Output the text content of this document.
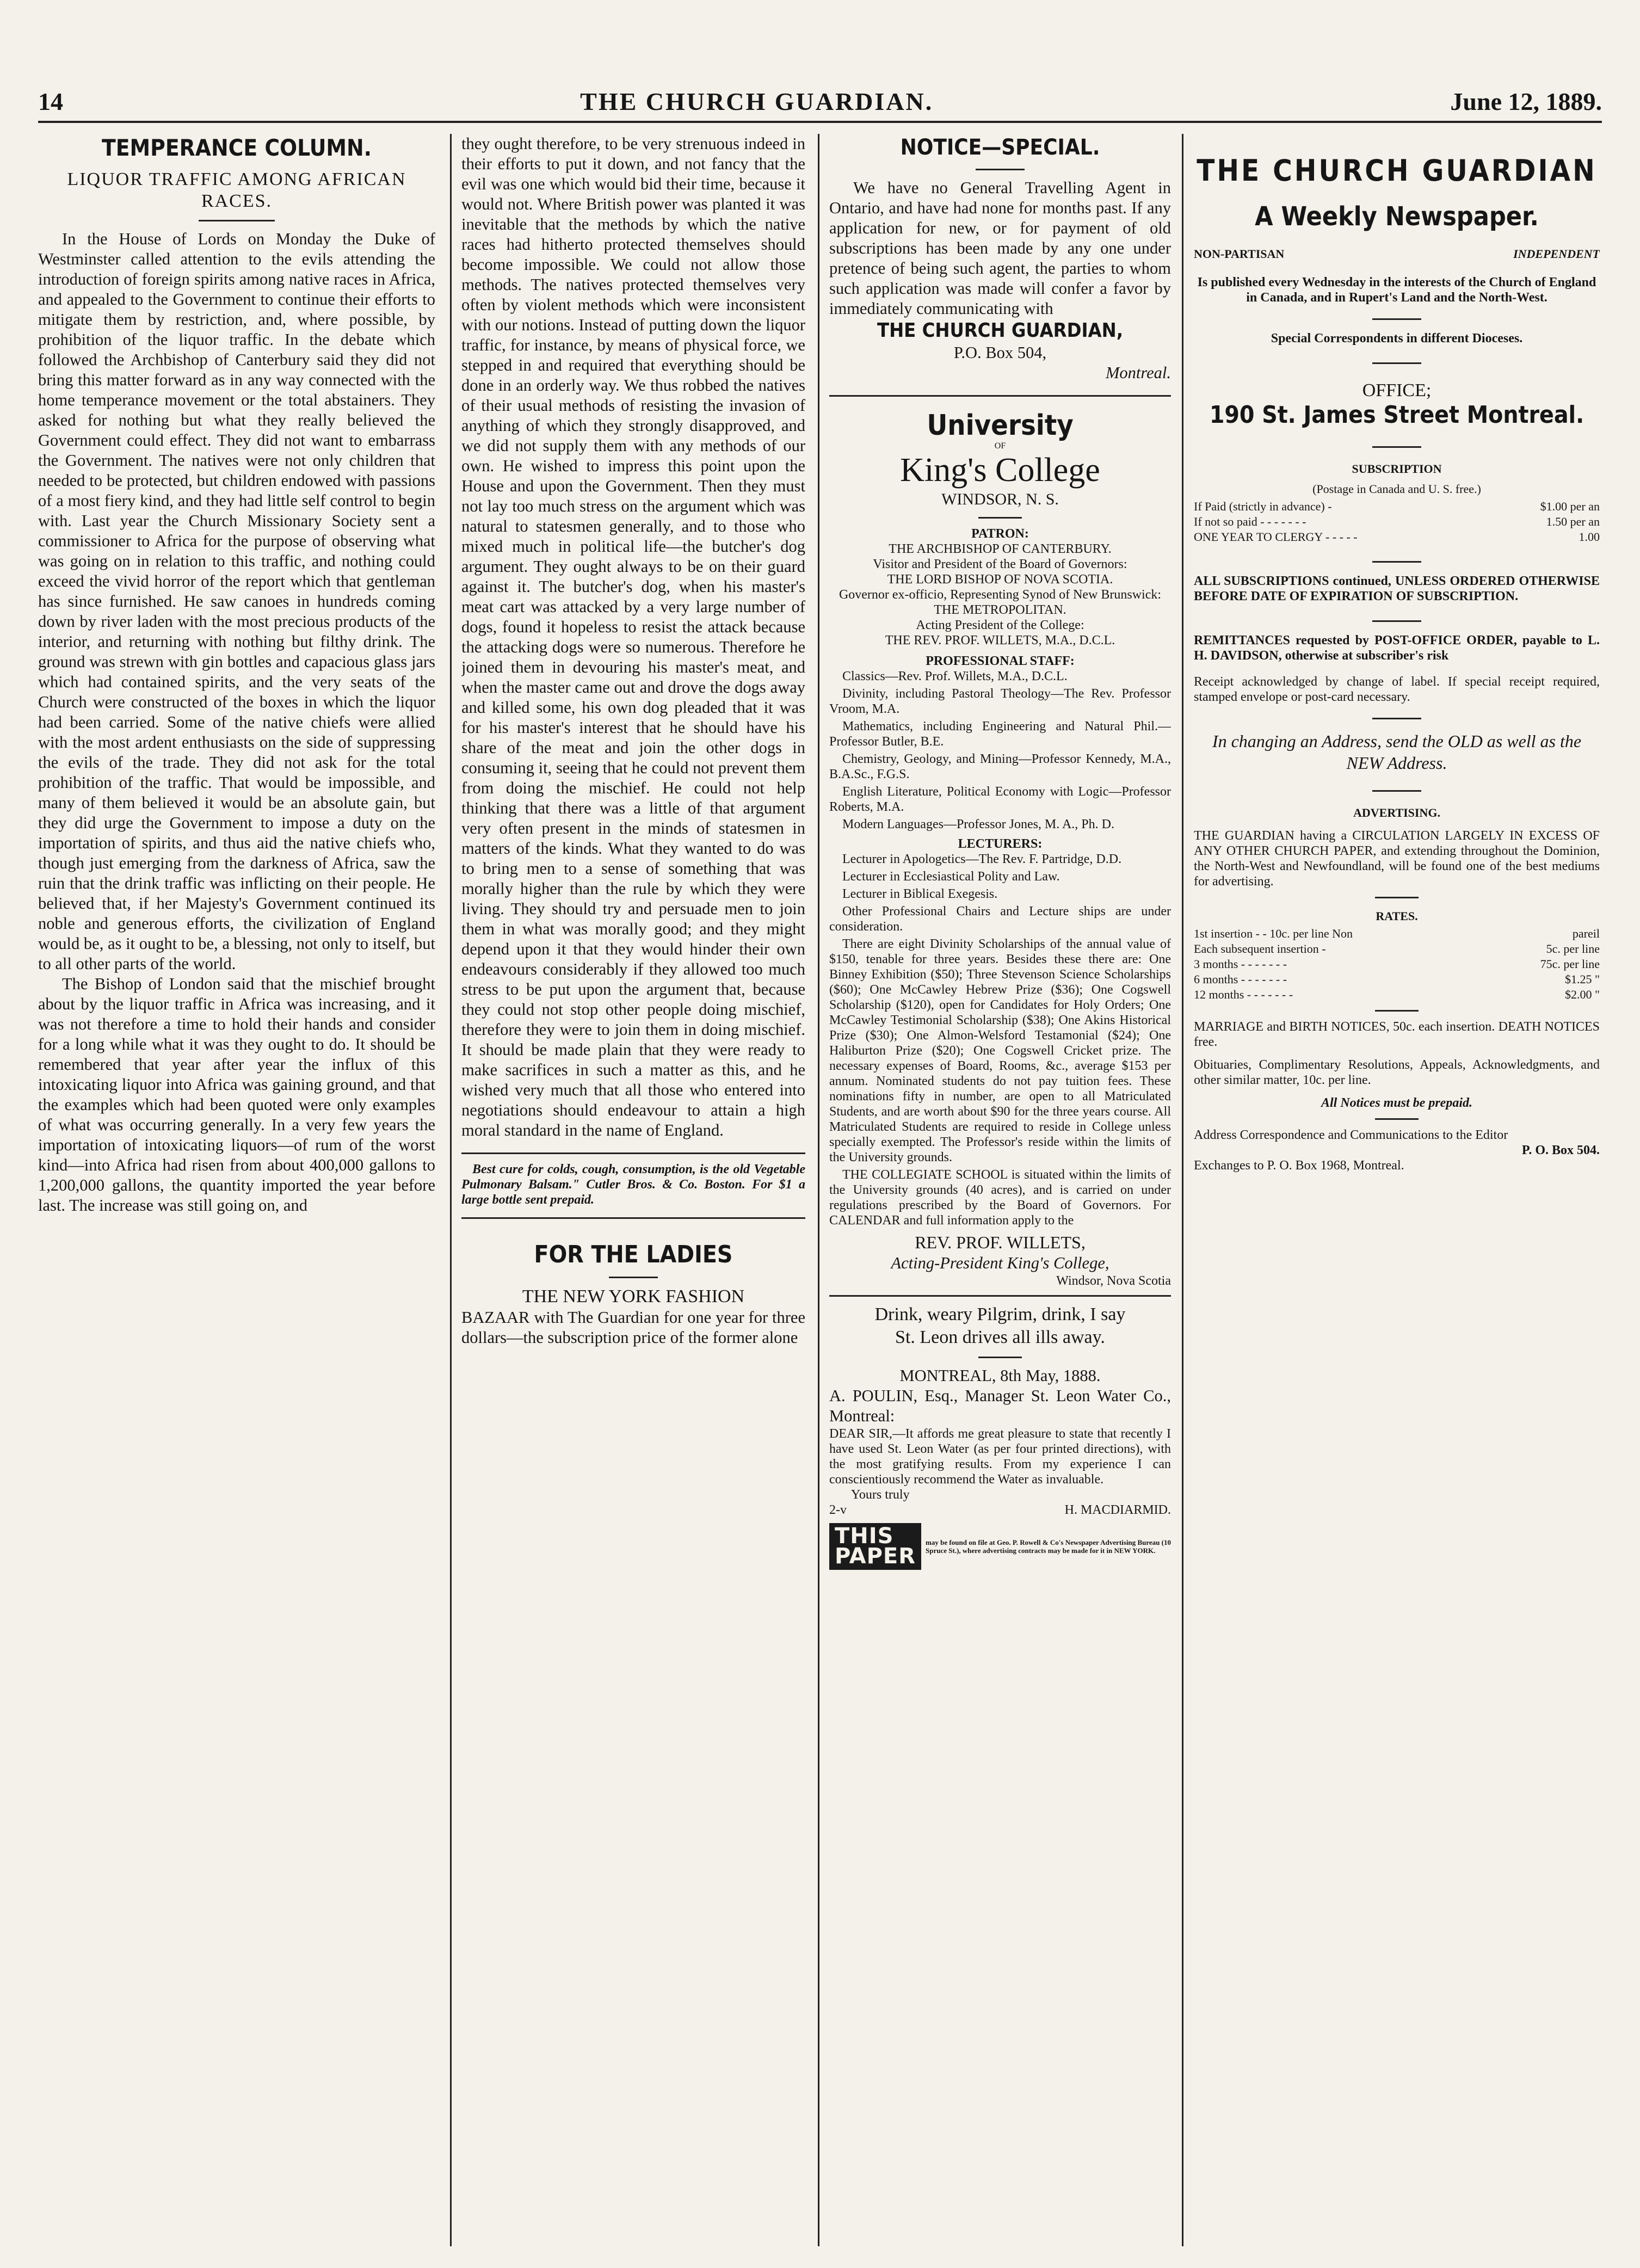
14	THE CHURCH GUARDIAN.	June 12, 1889.
TEMPERANCE COLUMN.
LIQUOR TRAFFIC AMONG AFRICAN RACES.

In the House of Lords on Monday the Duke of Westminster called attention to the evils attending the introduction of foreign spirits among native races in Africa, and appealed to the Government to continue their efforts to mitigate them by restriction, and, where possible, by prohibition of the liquor traffic. In the debate which followed the Archbishop of Canterbury said they did not bring this matter forward as in any way connected with the home temperance movement or the total abstainers. They asked for nothing but what they really believed the Government could effect. They did not want to embarrass the Government. The natives were not only children that needed to be protected, but children endowed with passions of a most fiery kind, and they had little self control to begin with. Last year the Church Missionary Society sent a commissioner to Africa for the purpose of observing what was going on in relation to this traffic, and nothing could exceed the vivid horror of the report which that gentleman has since furnished. He saw canoes in hundreds coming down by river laden with the most precious products of the interior, and returning with nothing but filthy drink. The ground was strewn with gin bottles and capacious glass jars which had contained spirits, and the very seats of the Church were constructed of the boxes in which the liquor had been carried. Some of the native chiefs were allied with the most ardent enthusiasts on the side of suppressing the evils of the trade. They did not ask for the total prohibition of the traffic. That would be impossible, and many of them believed it would be an absolute gain, but they did urge the Government to impose a duty on the importation of spirits, and thus aid the native chiefs who, though just emerging from the darkness of Africa, saw the ruin that the drink traffic was inflicting on their people. He believed that, if her Majesty's Government continued its noble and generous efforts, the civilization of England would be, as it ought to be, a blessing, not only to itself, but to all other parts of the world.

The Bishop of London said that the mischief brought about by the liquor traffic in Africa was increasing, and it was not therefore a time to hold their hands and consider for a long while what it was they ought to do. It should be remembered that year after year the influx of this intoxicating liquor into Africa was gaining ground, and that the examples which had been quoted were only examples of what was occurring generally. In a very few years the importation of intoxicating liquors—of rum of the worst kind—into Africa had risen from about 400,000 gallons to 1,200,000 gallons, the quantity imported the year before last. The increase was still going on, and

they ought therefore, to be very strenuous indeed in their efforts to put it down, and not fancy that the evil was one which would bid their time, because it would not. Where British power was planted it was inevitable that the methods by which the native races had hitherto protected themselves should become impossible. We could not allow those methods. The natives protected themselves very often by violent methods which were inconsistent with our notions. Instead of putting down the liquor traffic, for instance, by means of physical force, we stepped in and required that everything should be done in an orderly way. We thus robbed the natives of their usual methods of resisting the invasion of anything of which they strongly disapproved, and we did not supply them with any methods of our own. He wished to impress this point upon the House and upon the Government. Then they must not lay too much stress on the argument which was natural to statesmen generally, and to those who mixed much in political life—the butcher's dog argument. They ought always to be on their guard against it. The butcher's dog, when his master's meat cart was attacked by a very large number of dogs, found it hopeless to resist the attack because the attacking dogs were so numerous. Therefore he joined them in devouring his master's meat, and when the master came out and drove the dogs away and killed some, his own dog pleaded that it was for his master's interest that he should have his share of the meat and join the other dogs in consuming it, seeing that he could not prevent them from doing the mischief. He could not help thinking that there was a little of that argument very often present in the minds of statesmen in matters of the kinds. What they wanted to do was to bring men to a sense of something that was morally higher than the rule by which they were living. They should try and persuade men to join them in what was morally good; and they might depend upon it that they would hinder their own endeavours considerably if they allowed too much stress to be put upon the argument that, because they could not stop other people doing mischief, therefore they were to join them in doing mischief. It should be made plain that they were ready to make sacrifices in such a matter as this, and he wished very much that all those who entered into negotiations should endeavour to attain a high moral standard in the name of England.

Best cure for colds, cough, consumption, is the old Vegetable Pulmonary Balsam." Cutler Bros. & Co. Boston. For $1 a large bottle sent prepaid.

FOR THE LADIES
THE NEW YORK FASHION

BAZAAR with The Guardian for one year for three dollars—the subscription price of the former alone

NOTICE—SPECIAL.

We have no General Travelling Agent in Ontario, and have had none for months past. If any application for new, or for payment of old subscriptions has been made by any one under pretence of being such agent, the parties to whom such application was made will confer a favor by immediately communicating with

THE CHURCH GUARDIAN,
P.O. Box 504,
Montreal.
University
OF
King's College
WINDSOR, N. S.
PATRON:
THE ARCHBISHOP OF CANTERBURY.
Visitor and President of the Board of Governors:
THE LORD BISHOP OF NOVA SCOTIA.
Governor ex-officio, Representing Synod of New Brunswick:
THE METROPOLITAN.
Acting President of the College:
THE REV. PROF. WILLETS, M.A., D.C.L.
PROFESSIONAL STAFF:

Classics—Rev. Prof. Willets, M.A., D.C.L.

Divinity, including Pastoral Theology—The Rev. Professor Vroom, M.A.

Mathematics, including Engineering and Natural Phil.—Professor Butler, B.E.

Chemistry, Geology, and Mining—Professor Kennedy, M.A., B.A.Sc., F.G.S.

English Literature, Political Economy with Logic—Professor Roberts, M.A.

Modern Languages—Professor Jones, M. A., Ph. D.

LECTURERS:

Lecturer in Apologetics—The Rev. F. Partridge, D.D.

Lecturer in Ecclesiastical Polity and Law.

Lecturer in Biblical Exegesis.

Other Professional Chairs and Lecture ships are under consideration.

There are eight Divinity Scholarships of the annual value of $150, tenable for three years. Besides these there are: One Binney Exhibition ($50); Three Stevenson Science Scholarships ($60); One McCawley Hebrew Prize ($36); One Cogswell Scholarship ($120), open for Candidates for Holy Orders; One McCawley Testimonial Scholarship ($38); One Akins Historical Prize ($30); One Almon-Welsford Testamonial ($24); One Haliburton Prize ($20); One Cogswell Cricket prize. The necessary expenses of Board, Rooms, &c., average $153 per annum. Nominated students do not pay tuition fees. These nominations fifty in number, are open to all Matriculated Students, and are worth about $90 for the three years course. All Matriculated Students are required to reside in College unless specially exempted. The Professor's reside within the limits of the University grounds.

THE COLLEGIATE SCHOOL is situated within the limits of the University grounds (40 acres), and is carried on under regulations prescribed by the Board of Governors. For CALENDAR and full information apply to the

REV. PROF. WILLETS,
Acting-President King's College,
Windsor, Nova Scotia
Drink, weary Pilgrim, drink, I say
St. Leon drives all ills away.
MONTREAL, 8th May, 1888.
A. POULIN, Esq., Manager St. Leon Water Co., Montreal:
DEAR SIR,—It affords me great pleasure to state that recently I have used St. Leon Water (as per four printed directions), with the most gratifying results. From my experience I can conscientiously recommend the Water as invaluable.
Yours truly
2-v	H. MACDIARMID.
THIS PAPER
may be found on file at Geo. P. Rowell & Co's Newspaper Advertising Bureau (10 Spruce St.), where advertising contracts may be made for it in NEW YORK.
THE CHURCH GUARDIAN
A Weekly Newspaper.
NON-PARTISAN	INDEPENDENT
Is published every Wednesday in the interests of the Church of England in Canada, and in Rupert's Land and the North-West.
Special Correspondents in different Dioceses.
OFFICE;
190 St. James Street Montreal.
SUBSCRIPTION
(Postage in Canada and U. S. free.)
If Paid (strictly in advance) -	$1.00 per an
If not so paid - - - - - - -	1.50 per an
ONE YEAR TO CLERGY - - - - -	1.00
ALL SUBSCRIPTIONS continued, UNLESS ORDERED OTHERWISE BEFORE DATE OF EXPIRATION OF SUBSCRIPTION.
REMITTANCES requested by POST-OFFICE ORDER, payable to L. H. DAVIDSON, otherwise at subscriber's risk
Receipt acknowledged by change of label. If special receipt required, stamped envelope or post-card necessary.
In changing an Address, send the OLD as well as the NEW Address.
ADVERTISING.
THE GUARDIAN having a CIRCULATION LARGELY IN EXCESS OF ANY OTHER CHURCH PAPER, and extending throughout the Dominion, the North-West and Newfoundland, will be found one of the best mediums for advertising.
RATES.
1st insertion - - 10c. per line Non	pareil
Each subsequent insertion -	5c. per line
3 months - - - - - - -	75c. per line
6 months - - - - - - -	$1.25 "
12 months - - - - - - -	$2.00 "
MARRIAGE and BIRTH NOTICES, 50c. each insertion. DEATH NOTICES free.
Obituaries, Complimentary Resolutions, Appeals, Acknowledgments, and other similar matter, 10c. per line.
All Notices must be prepaid.
Address Correspondence and Communications to the Editor
P. O. Box 504.
Exchanges to P. O. Box 1968, Montreal.
